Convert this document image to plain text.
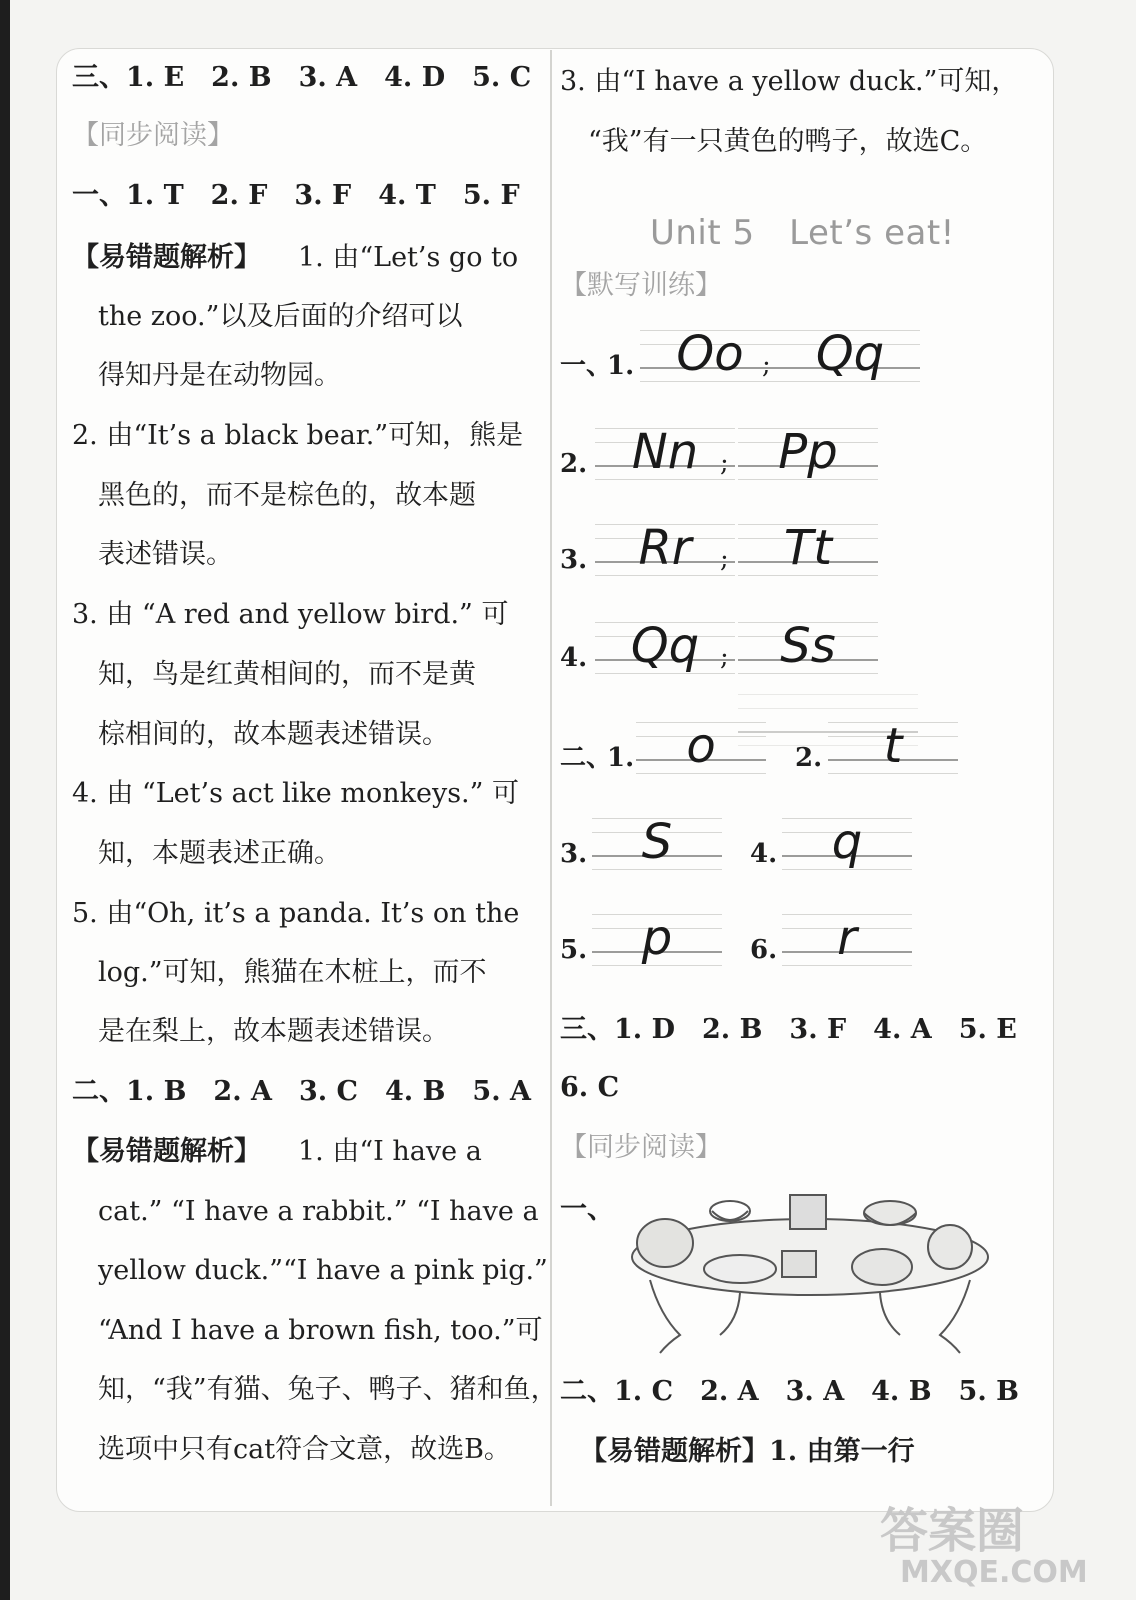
三、1. E　2. B　3. A　4. D　5. C
【同步阅读】
一、1. T　2. F　3. F　4. T　5. F
【易错题解析】 1. 由“Let’s go to
the zoo.”以及后面的介绍可以
得知丹是在动物园。
2. 由“It’s a black bear.”可知，熊是
黑色的，而不是棕色的，故本题
表述错误。
3. 由 “A red and yellow bird.” 可
知，鸟是红黄相间的，而不是黄
棕相间的，故本题表述错误。
4. 由 “Let’s act like monkeys.” 可
知，本题表述正确。
5. 由“Oh, it’s a panda. It’s on the
log.”可知，熊猫在木桩上，而不
是在梨上，故本题表述错误。
二、1. B　2. A　3. C　4. B　5. A
【易错题解析】 1. 由“I have a
cat.” “I have a rabbit.” “I have a
yellow duck.”“I have a pink pig.”
“And I have a brown fish, too.”可
知，“我”有猫、兔子、鸭子、猪和鱼，
选项中只有cat符合文意，故选B。
3. 由“I have a yellow duck.”可知，
“我”有一只黄色的鸭子，故选C。
Unit 5　Let’s eat!
【默写训练】
一、
1. Oo ; Qq
2. Nn ;	Pp
3.	Rr	;	Tt
4. Qq ;	Ss
二、
1.	o	2.	t
3.	S	4.	q
5.	p	6.	r
三、1. D　2. B　3. F　4. A　5. E
6. C
【同步阅读】
一、
二、1. C　2. A　3. A　4. B　5. B
【易错题解析】1. 由第一行
答案圈
MXQE.COM
